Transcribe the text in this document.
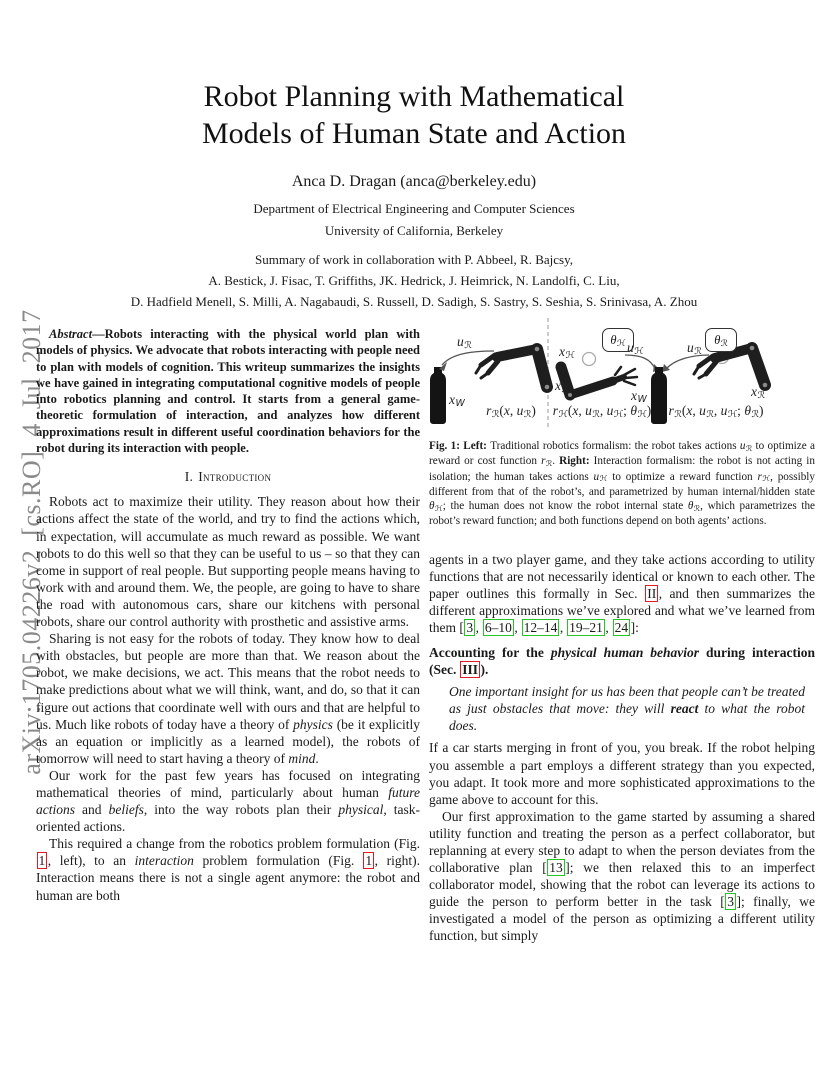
arXiv:1705.04226v2 [cs.RO] 4 Jul 2017
Robot Planning with Mathematical
Models of Human State and Action
Anca D. Dragan (anca@berkeley.edu)
Department of Electrical Engineering and Computer Sciences
University of California, Berkeley
Summary of work in collaboration with P. Abbeel, R. Bajcsy,
A. Bestick, J. Fisac, T. Griffiths, JK. Hedrick, J. Heimrick, N. Landolfi, C. Liu,
D. Hadfield Menell, S. Milli, A. Nagabaudi, S. Russell, D. Sadigh, S. Sastry, S. Seshia, S. Srinivasa, A. Zhou

Abstract—Robots interacting with the physical world plan with models of physics. We advocate that robots interacting with people need to plan with models of cognition. This writeup summarizes the insights we have gained in integrating computational cognitive models of people into robotics planning and control. It starts from a general game-theoretic formulation of interaction, and analyzes how different approximations result in different useful coordination behaviors for the robot during its interaction with people.

I. Introduction

Robots act to maximize their utility. They reason about how their actions affect the state of the world, and try to find the actions which, in expectation, will accumulate as much reward as possible. We want robots to do this well so that they can be useful to us – so that they can come in support of real people. But supporting people means having to work with and around them. We, the people, are going to have to share the road with autonomous cars, share our kitchens with personal robots, share our control authority with prosthetic and assistive arms.

Sharing is not easy for the robots of today. They know how to deal with obstacles, but people are more than that. We reason about the robot, we make decisions, we act. This means that the robot needs to make predictions about what we will think, want, and do, so that it can figure out actions that coordinate well with ours and that are helpful to us. Much like robots of today have a theory of physics (be it explicitly as an equation or implicitly as a learned model), the robots of tomorrow will need to start having a theory of mind.

Our work for the past few years has focused on integrating mathematical theories of mind, particularly about human future actions and beliefs, into the way robots plan their physical, task-oriented actions.

This required a change from the robotics problem formulation (Fig. 1 , left), to an interaction problem formulation (Fig. 1 , right). Interaction means there is not a single agent anymore: the robot and human are both

uℛ
xW
xℛ
rℛ(x, uℛ)
xℋ
θℋ uℋ
xW
uℛ
θℛ
xℛ
rℋ(x, uℛ, uℋ; θℋ)	rℛ(x, uℛ, uℋ; θℛ)
Fig. 1: Left: Traditional robotics formalism: the robot takes actions uℛ to optimize a reward or cost function rℛ. Right: Interaction formalism: the robot is not acting in isolation; the human takes actions uℋ to optimize a reward function rℋ, possibly different from that of the robot’s, and parametrized by human internal/hidden state θℋ; the human does not know the robot internal state θℛ, which parametrizes the robot’s reward function; and both functions depend on both agents’ actions.

agents in a two player game, and they take actions according to utility functions that are not necessarily identical or known to each other. The paper outlines this formally in Sec. II , and then summarizes the different approximations we’ve explored and what we’ve learned from them [ 3 , 6–10 , 12–14 , 19–21 , 24 ]:

Accounting for the physical human behavior during interaction (Sec. III ).

One important insight for us has been that people can’t be treated as just obstacles that move: they will react to what the robot does.

If a car starts merging in front of you, you break. If the robot helping you assemble a part employs a different strategy than you expected, you adapt. It took more and more sophisticated approximations to the game above to account for this.

Our first approximation to the game started by assuming a shared utility function and treating the person as a perfect collaborator, but replanning at every step to adapt to when the person deviates from the collaborative plan [ 13 ]; we then relaxed this to an imperfect collaborator model, showing that the robot can leverage its actions to guide the person to perform better in the task [ 3 ]; finally, we investigated a model of the person as optimizing a different utility function, but simply
